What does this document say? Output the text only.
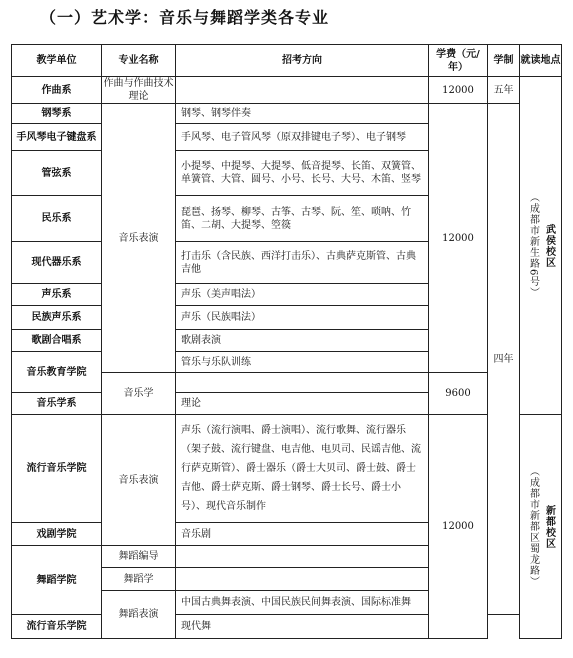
（一）艺术学：音乐与舞蹈学类各专业
教学单位	专业名称	招考方向	学费（元/年）	学制	就读地点
作曲系	作曲与作曲技术理论		12000	五年	武侯校区
（成都市新生路6号）

钢琴系	音乐表演	钢琴、钢琴伴奏	12000	四年	
手风琴电子键盘系		手风琴、电子管风琴（原双排键电子琴）、电子钢琴			
管弦系		小提琴、中提琴、大提琴、低音提琴、长笛、双簧管、单簧管、大管、圆号、小号、长号、大号、木笛、竖琴			
民乐系		琵琶、扬琴、柳琴、古筝、古琴、阮、笙、唢呐、竹笛、二胡、大提琴、箜篌			
现代器乐系		打击乐（含民族、西洋打击乐）、古典萨克斯管、古典吉他			
声乐系		声乐（美声唱法）			
民族声乐系		声乐（民族唱法）			
歌剧合唱系		歌剧表演			
音乐教育学院		管乐与乐队训练			
	音乐学		9600		
音乐学系		理论			
流行音乐学院	音乐表演	声乐（流行演唱、爵士演唱）、流行歌舞、流行器乐（架子鼓、流行键盘、电吉他、电贝司、民谣吉他、流行萨克斯管）、爵士器乐（爵士大贝司、爵士鼓、爵士吉他、爵士萨克斯、爵士钢琴、爵士长号、爵士小号）、现代音乐制作	12000		新都校区
（成都市新都区蜀龙路）

戏剧学院		音乐剧			
舞蹈学院	舞蹈编导				
	舞蹈学				
	舞蹈表演	中国古典舞表演、中国民族民间舞表演、国际标准舞			
流行音乐学院		现代舞			
